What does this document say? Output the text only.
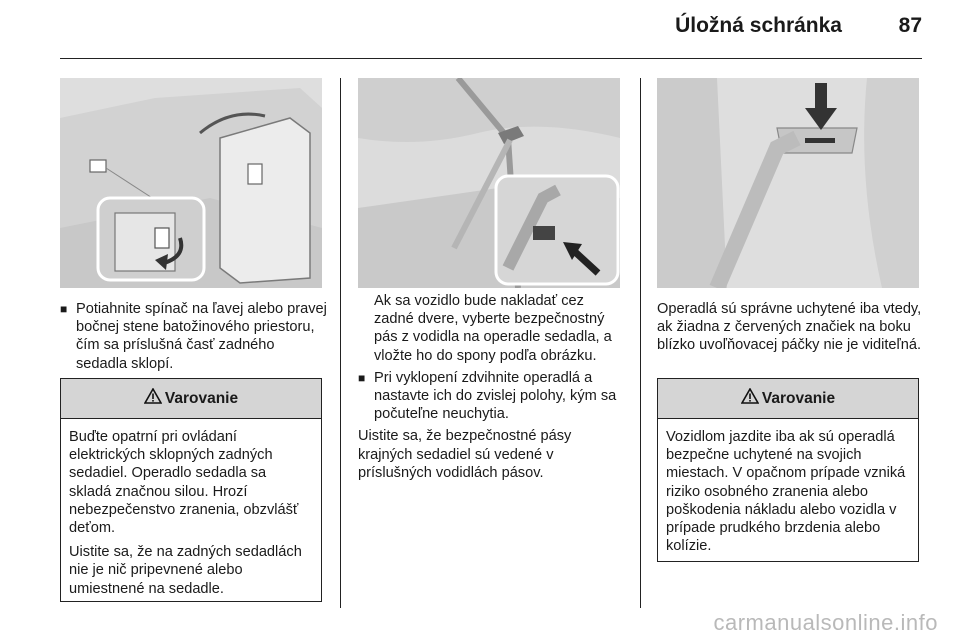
Úložná schránka	87
■ Potiahnite spínač na ľavej alebo pravej bočnej stene batožinového priestoru, čím sa príslušná časť zadného sedadla sklopí.
Varovanie

Buďte opatrní pri ovládaní elektrických sklopných zadných sedadiel. Operadlo sedadla sa skladá značnou silou. Hrozí nebezpečenstvo zranenia, obzvlášť deťom.

Uistite sa, že na zadných sedadlách nie je nič pripevnené alebo umiestnené na sedadle.

Ak sa vozidlo bude nakladať cez zadné dvere, vyberte bezpečnostný pás z vodidla na operadle sedadla, a vložte ho do spony podľa obrázku.
■ Pri vyklopení zdvihnite operadlá a nastavte ich do zvislej polohy, kým sa počuteľne neuchytia.
Uistite sa, že bezpečnostné pásy krajných sedadiel sú vedené v príslušných vodidlách pásov.
Operadlá sú správne uchytené iba vtedy, ak žiadna z červených značiek na boku blízko uvoľňovacej páčky nie je viditeľná.
Varovanie

Vozidlom jazdite iba ak sú operadlá bezpečne uchytené na svojich miestach. V opačnom prípade vzniká riziko osobného zranenia alebo poškodenia nákladu alebo vozidla v prípade prudkého brzdenia alebo kolízie.

carmanualsonline.info
